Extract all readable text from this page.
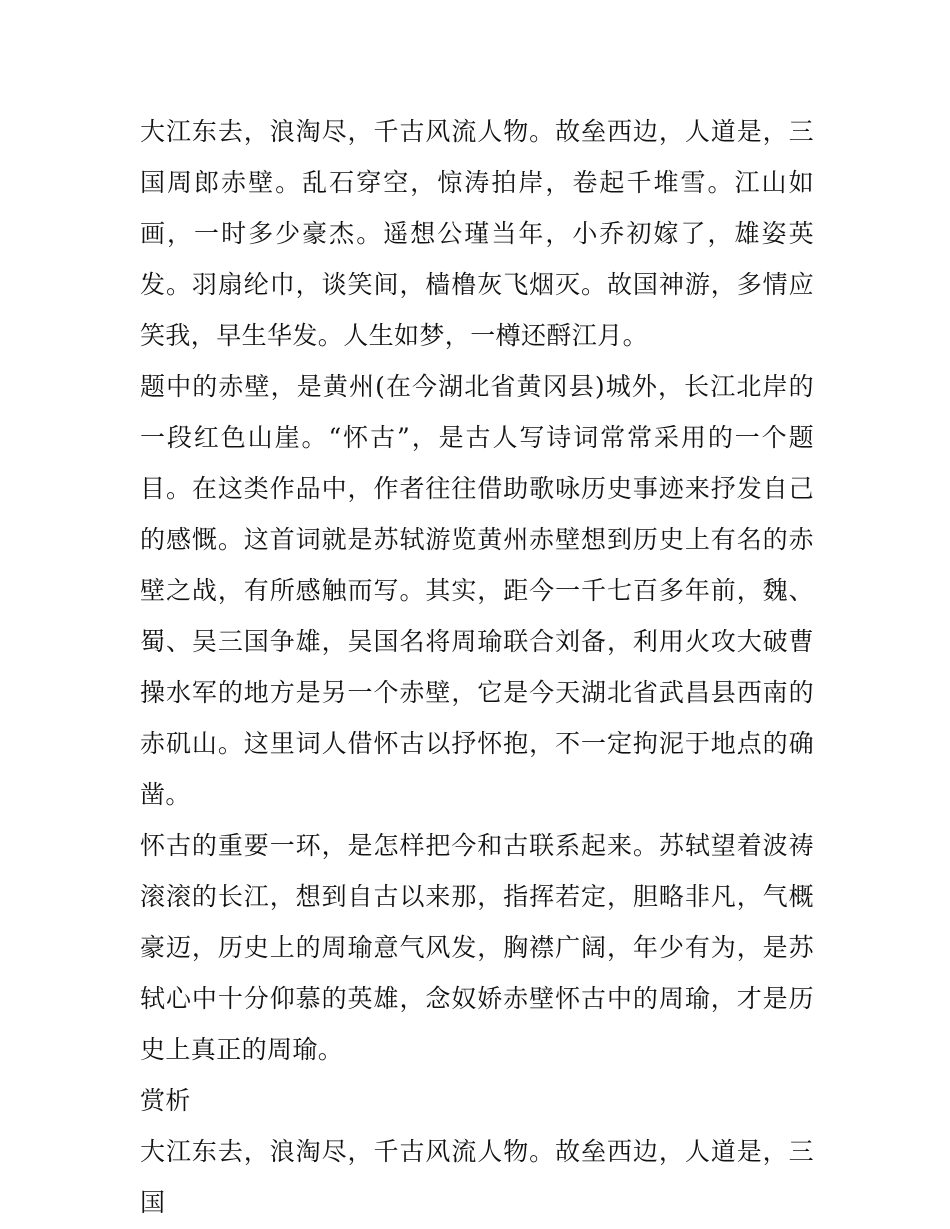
大江东去，浪淘尽，千古风流人物。故垒西边，人道是，三国周郎赤壁。乱石穿空，惊涛拍岸，卷起千堆雪。江山如画，一时多少豪杰。遥想公瑾当年，小乔初嫁了，雄姿英发。羽扇纶巾，谈笑间，樯橹灰飞烟灭。故国神游，多情应笑我，早生华发。人生如梦，一樽还酹江月。

题中的赤壁，是黄州(在今湖北省黄冈县)城外，长江北岸的一段红色山崖。“怀古”，是古人写诗词常常采用的一个题目。在这类作品中，作者往往借助歌咏历史事迹来抒发自己的感慨。这首词就是苏轼游览黄州赤壁想到历史上有名的赤壁之战，有所感触而写。其实，距今一千七百多年前，魏、蜀、吴三国争雄，吴国名将周瑜联合刘备，利用火攻大破曹操水军的地方是另一个赤壁，它是今天湖北省武昌县西南的赤矶山。这里词人借怀古以抒怀抱，不一定拘泥于地点的确凿。

怀古的重要一环，是怎样把今和古联系起来。苏轼望着波祷滚滚的长江，想到自古以来那，指挥若定，胆略非凡，气概豪迈，历史上的周瑜意气风发，胸襟广阔，年少有为，是苏轼心中十分仰慕的英雄，念奴娇赤壁怀古中的周瑜，才是历史上真正的周瑜。

赏析

大江东去，浪淘尽，千古风流人物。故垒西边，人道是，三国
